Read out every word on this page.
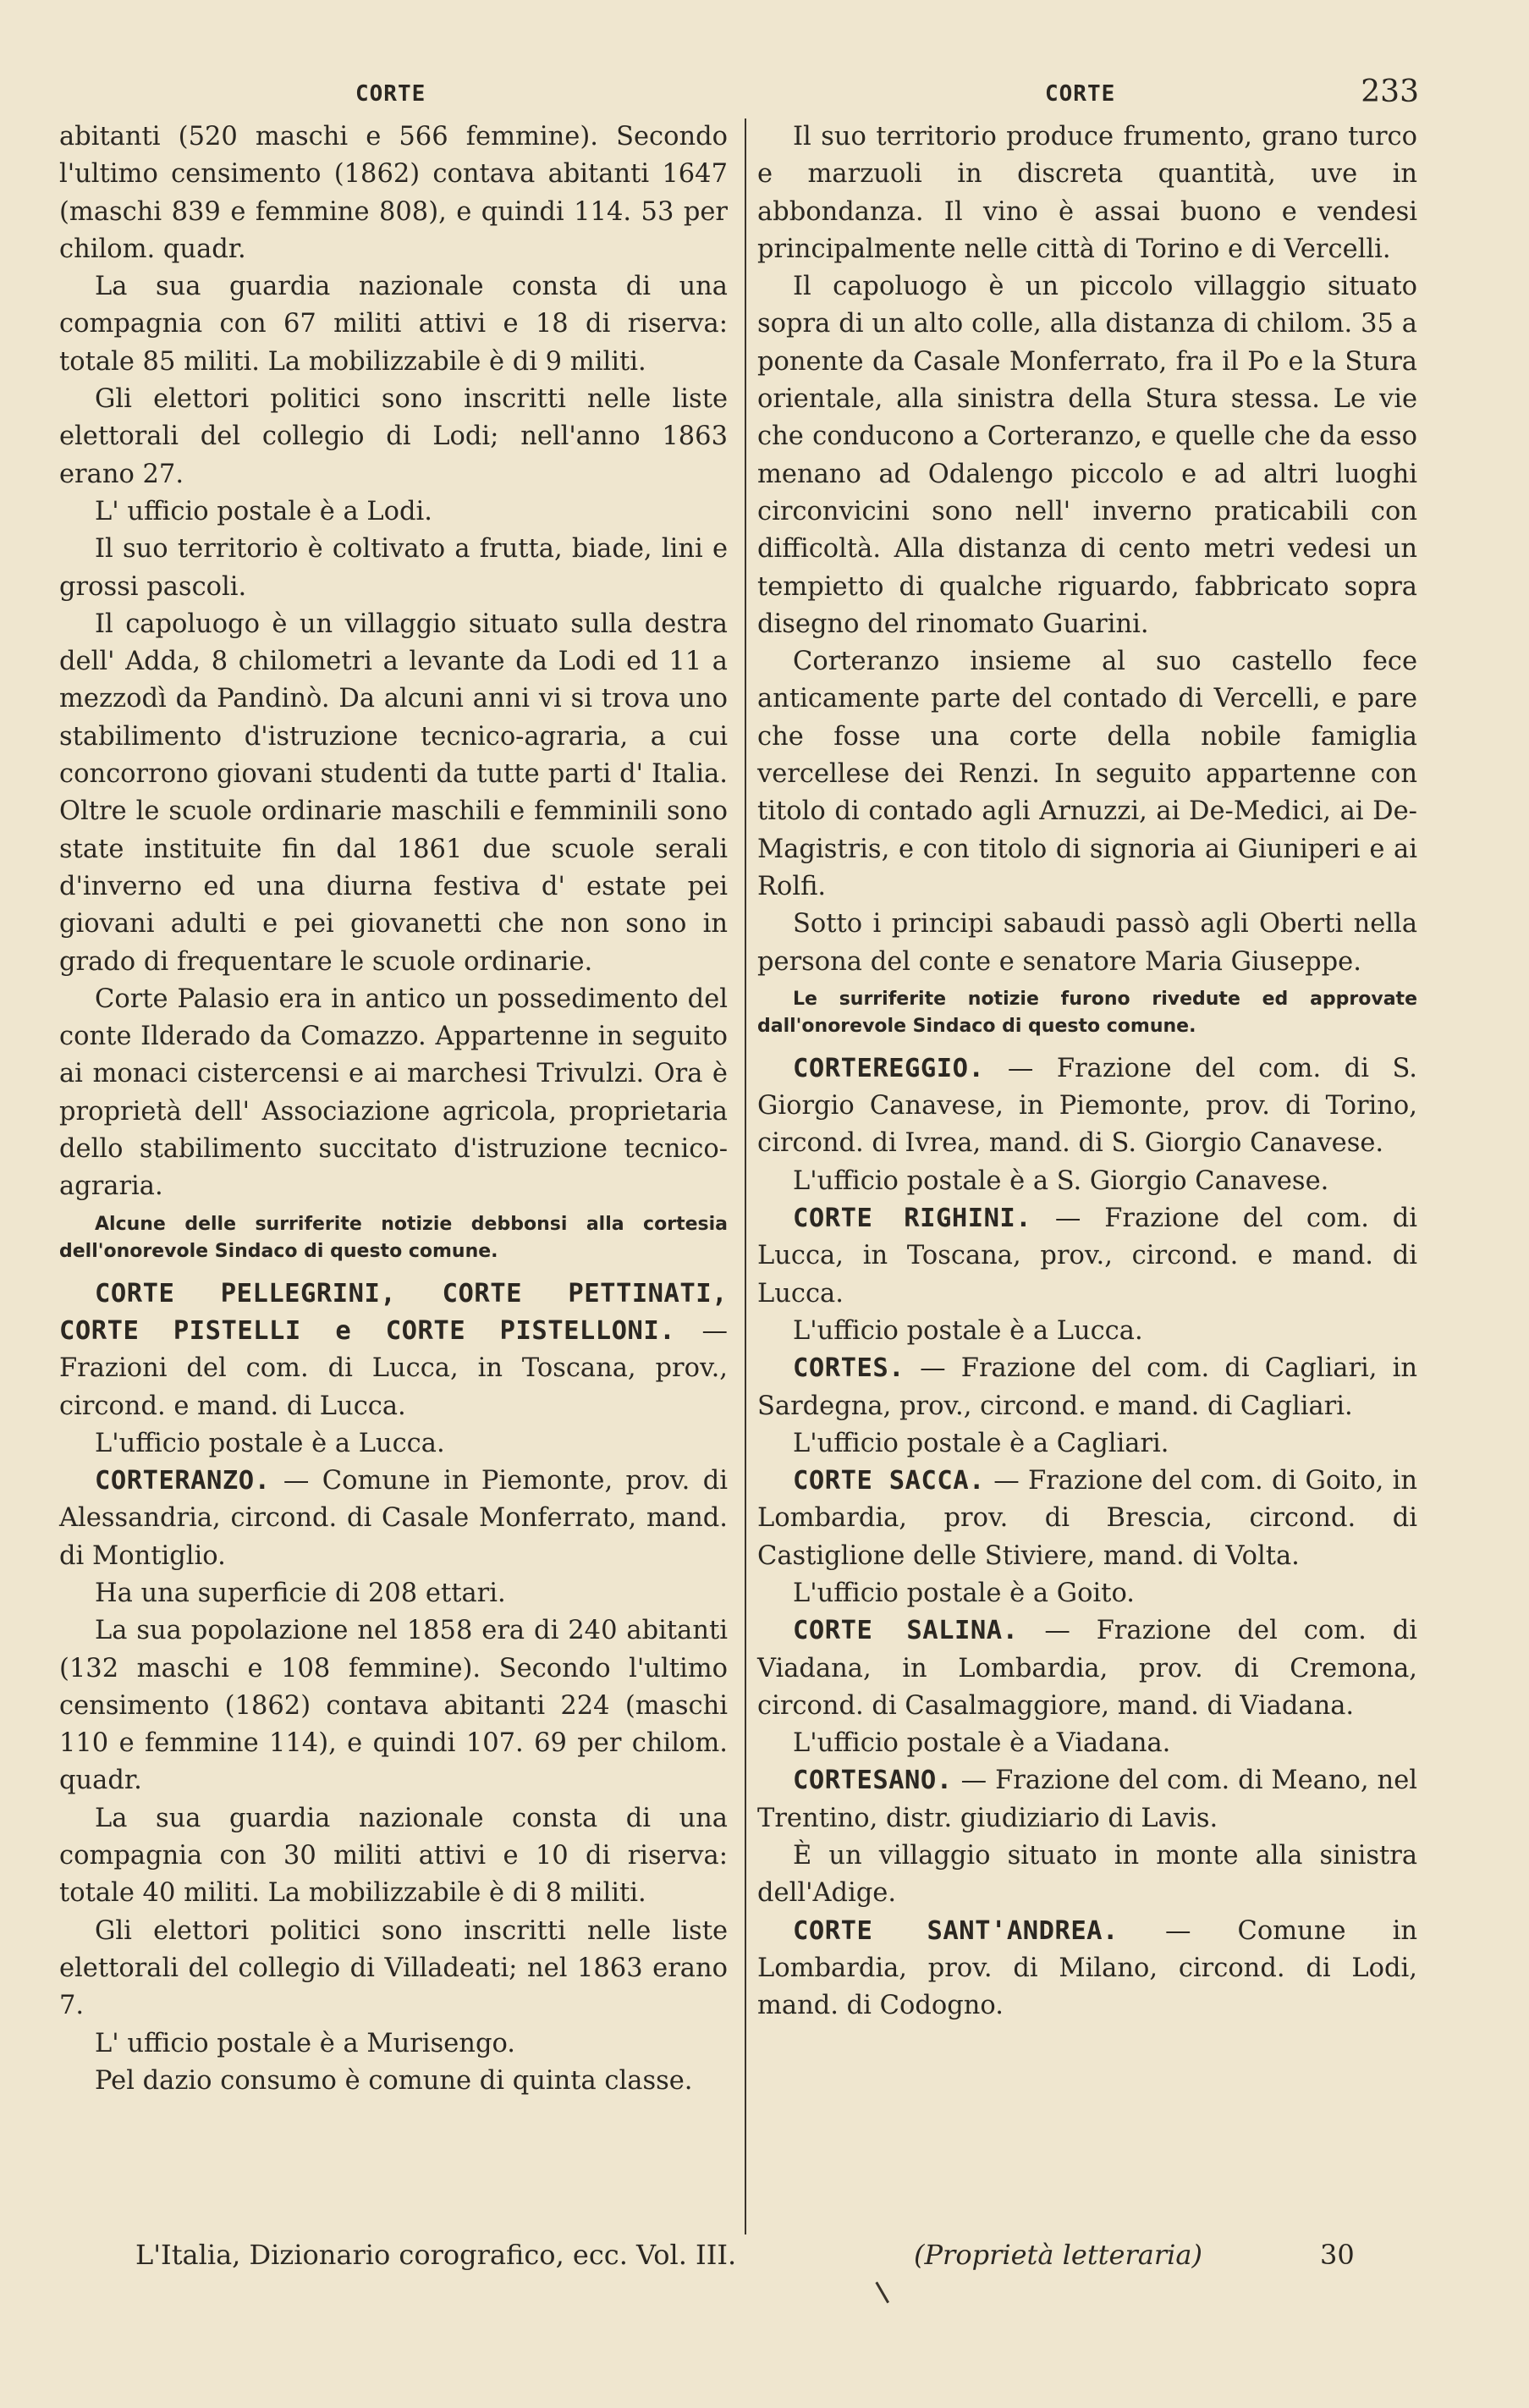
CORTE	CORTE	233

abitanti (520 maschi e 566 femmine). Secondo l'ultimo censimento (1862) contava abitanti 1647 (maschi 839 e femmine 808), e quindi 114. 53 per chilom. quadr.

La sua guardia nazionale consta di una compagnia con 67 militi attivi e 18 di riserva: totale 85 militi. La mobilizzabile è di 9 militi.

Gli elettori politici sono inscritti nelle liste elettorali del collegio di Lodi; nell'anno 1863 erano 27.

L' ufficio postale è a Lodi.

Il suo territorio è coltivato a frutta, biade, lini e grossi pascoli.

Il capoluogo è un villaggio situato sulla destra dell' Adda, 8 chilometri a levante da Lodi ed 11 a mezzodì da Pandinò. Da alcuni anni vi si trova uno stabilimento d'istruzione tecnico-agraria, a cui concorrono giovani studenti da tutte parti d' Italia. Oltre le scuole ordinarie maschili e femminili sono state instituite fin dal 1861 due scuole serali d'inverno ed una diurna festiva d' estate pei giovani adulti e pei giovanetti che non sono in grado di frequentare le scuole ordinarie.

Corte Palasio era in antico un possedimento del conte Ilderado da Comazzo. Appartenne in seguito ai monaci cistercensi e ai marchesi Trivulzi. Ora è proprietà dell' Associazione agricola, proprietaria dello stabilimento succitato d'istruzione tecnico-agraria.

Alcune delle surriferite notizie debbonsi alla cortesia dell'onorevole Sindaco di questo comune.

CORTE PELLEGRINI, CORTE PETTINATI, CORTE PISTELLI e CORTE PISTELLONI. — Frazioni del com. di Lucca, in Toscana, prov., circond. e mand. di Lucca.

L'ufficio postale è a Lucca.

CORTERANZO. — Comune in Piemonte, prov. di Alessandria, circond. di Casale Monferrato, mand. di Montiglio.

Ha una superficie di 208 ettari.

La sua popolazione nel 1858 era di 240 abitanti (132 maschi e 108 femmine). Secondo l'ultimo censimento (1862) contava abitanti 224 (maschi 110 e femmine 114), e quindi 107. 69 per chilom. quadr.

La sua guardia nazionale consta di una compagnia con 30 militi attivi e 10 di riserva: totale 40 militi. La mobilizzabile è di 8 militi.

Gli elettori politici sono inscritti nelle liste elettorali del collegio di Villadeati; nel 1863 erano 7.

L' ufficio postale è a Murisengo.

Pel dazio consumo è comune di quinta classe.

Il suo territorio produce frumento, grano turco e marzuoli in discreta quantità, uve in abbondanza. Il vino è assai buono e vendesi principalmente nelle città di Torino e di Vercelli.

Il capoluogo è un piccolo villaggio situato sopra di un alto colle, alla distanza di chilom. 35 a ponente da Casale Monferrato, fra il Po e la Stura orientale, alla sinistra della Stura stessa. Le vie che conducono a Corteranzo, e quelle che da esso menano ad Odalengo piccolo e ad altri luoghi circonvicini sono nell' inverno praticabili con difficoltà. Alla distanza di cento metri vedesi un tempietto di qualche riguardo, fabbricato sopra disegno del rinomato Guarini.

Corteranzo insieme al suo castello fece anticamente parte del contado di Vercelli, e pare che fosse una corte della nobile famiglia vercellese dei Renzi. In seguito appartenne con titolo di contado agli Arnuzzi, ai De-Medici, ai De-Magistris, e con titolo di signoria ai Giuniperi e ai Rolfi.

Sotto i principi sabaudi passò agli Oberti nella persona del conte e senatore Maria Giuseppe.

Le surriferite notizie furono rivedute ed approvate dall'onorevole Sindaco di questo comune.

CORTEREGGIO. — Frazione del com. di S. Giorgio Canavese, in Piemonte, prov. di Torino, circond. di Ivrea, mand. di S. Giorgio Canavese.

L'ufficio postale è a S. Giorgio Canavese.

CORTE RIGHINI. — Frazione del com. di Lucca, in Toscana, prov., circond. e mand. di Lucca.

L'ufficio postale è a Lucca.

CORTES. — Frazione del com. di Cagliari, in Sardegna, prov., circond. e mand. di Cagliari.

L'ufficio postale è a Cagliari.

CORTE SACCA. — Frazione del com. di Goito, in Lombardia, prov. di Brescia, circond. di Castiglione delle Stiviere, mand. di Volta.

L'ufficio postale è a Goito.

CORTE SALINA. — Frazione del com. di Viadana, in Lombardia, prov. di Cremona, circond. di Casalmaggiore, mand. di Viadana.

L'ufficio postale è a Viadana.

CORTESANO. — Frazione del com. di Meano, nel Trentino, distr. giudiziario di Lavis.

È un villaggio situato in monte alla sinistra dell'Adige.

CORTE SANT'ANDREA. — Comune in Lombardia, prov. di Milano, circond. di Lodi, mand. di Codogno.

L'Italia, Dizionario corografico, ecc. Vol. III.	(Proprietà letteraria)	30
